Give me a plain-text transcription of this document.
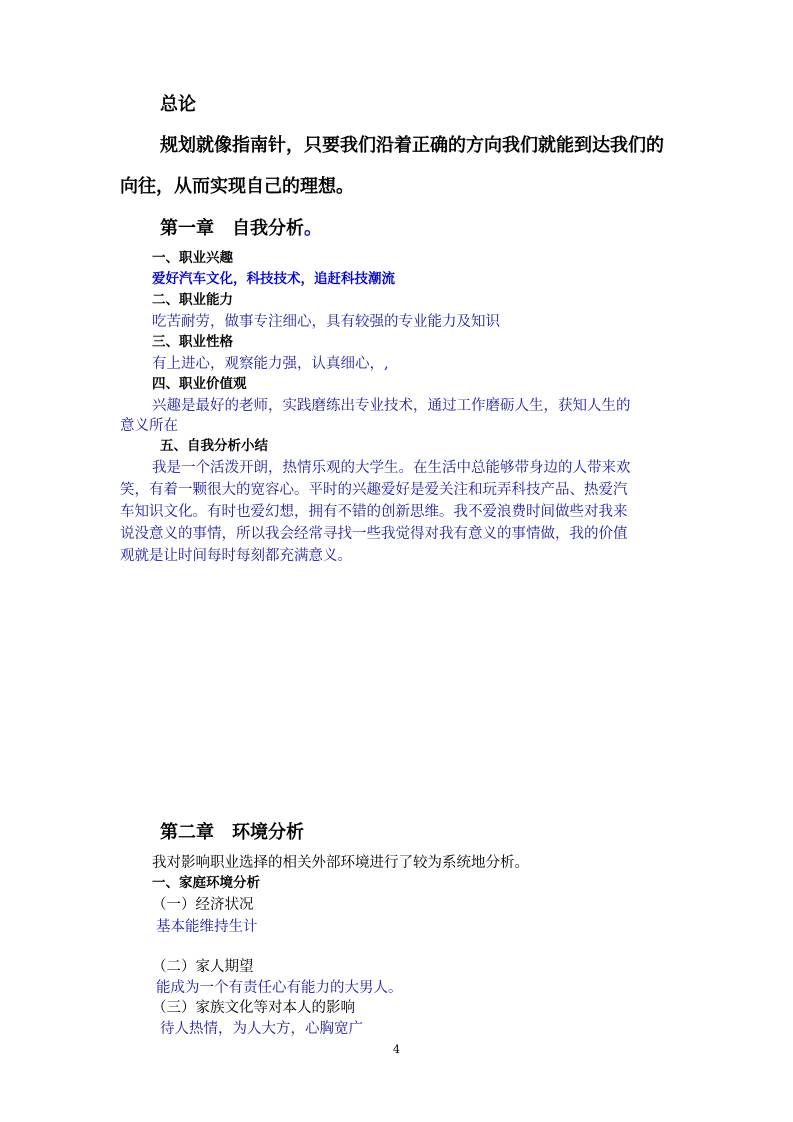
总论
规划就像指南针，只要我们沿着正确的方向我们就能到达我们的
向往，从而实现自己的理想。
第一章　自我分析。
一、职业兴趣
爱好汽车文化，科技技术，追赶科技潮流
二、职业能力
吃苦耐劳，做事专注细心，具有较强的专业能力及知识
三、职业性格
有上进心，观察能力强，认真细心，,
四、职业价值观
兴趣是最好的老师，实践磨练出专业技术，通过工作磨砺人生，获知人生的
意义所在
五、自我分析小结
我是一个活泼开朗，热情乐观的大学生。在生活中总能够带身边的人带来欢
笑，有着一颗很大的宽容心。平时的兴趣爱好是爱关注和玩弄科技产品、热爱汽
车知识文化。有时也爱幻想，拥有不错的创新思维。我不爱浪费时间做些对我来
说没意义的事情，所以我会经常寻找一些我觉得对我有意义的事情做，我的价值
观就是让时间每时每刻都充满意义。
第二章　环境分析
我对影响职业选择的相关外部环境进行了较为系统地分析。
一、家庭环境分析
（一）经济状况
基本能维持生计
（二）家人期望
能成为一个有责任心有能力的大男人。
（三）家族文化等对本人的影响
待人热情，为人大方，心胸宽广
4
